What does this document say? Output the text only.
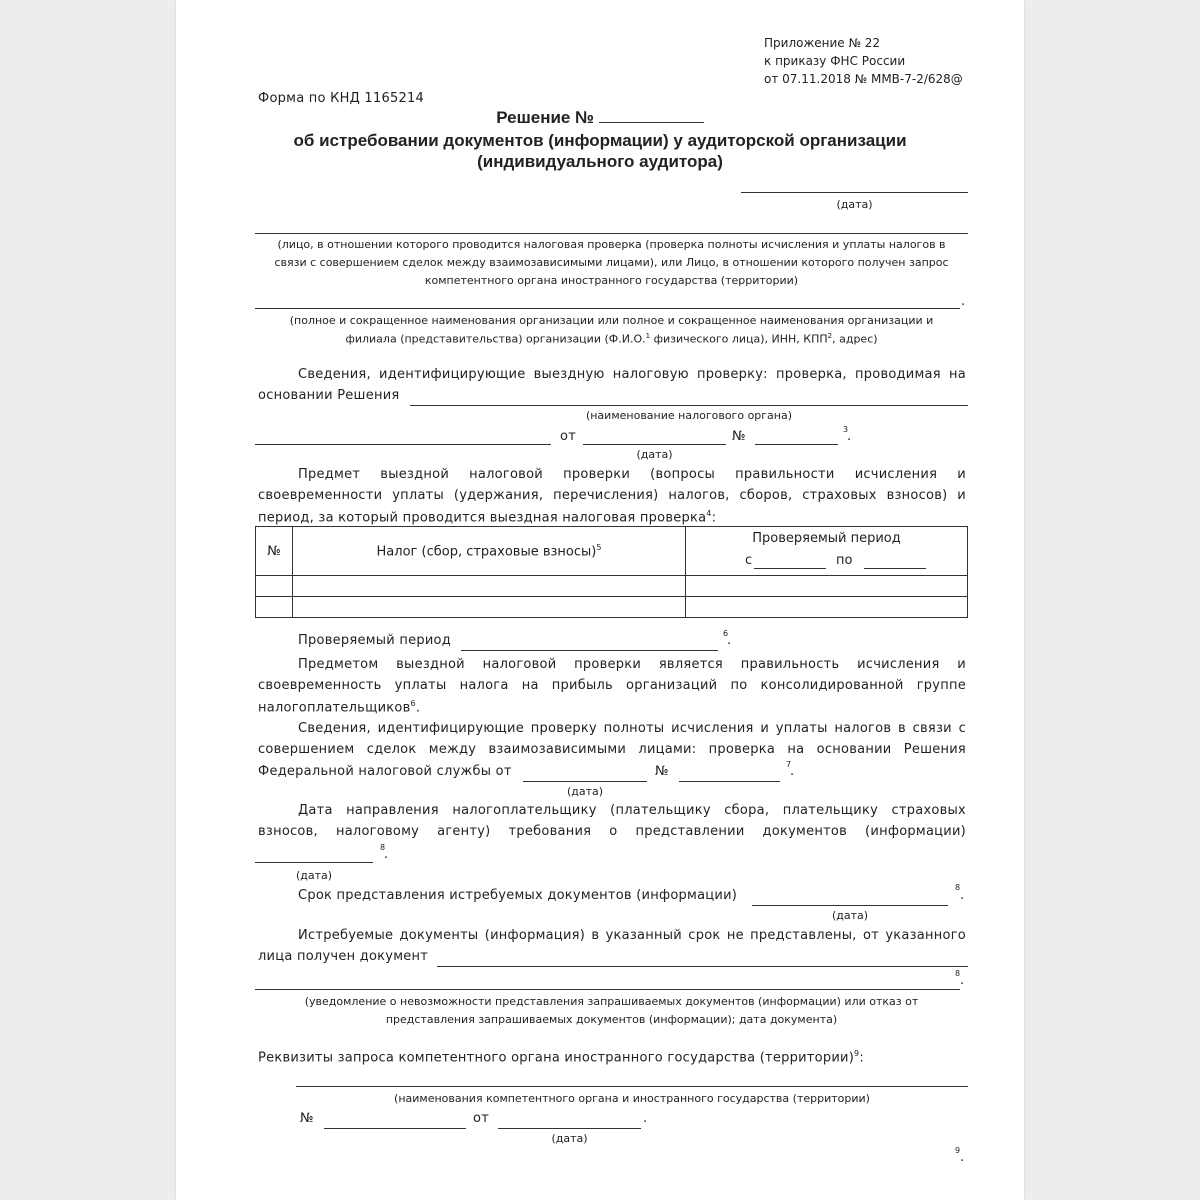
Приложение № 22
к приказу ФНС России
от 07.11.2018 № ММВ-7-2/628@
Форма по КНД 1165214
Решение №
об истребовании документов (информации) у аудиторской организации
(индивидуального аудитора)
(дата)
(лицо, в отношении которого проводится налоговая проверка (проверка полноты исчисления и уплаты налогов в
связи с совершением сделок между взаимозависимыми лицами), или Лицо, в отношении которого получен запрос
компетентного органа иностранного государства (территории)
.
(полное и сокращенное наименования организации или полное и сокращенное наименования организации и
филиала (представительства) организации (Ф.И.О.$^1$ физического лица), ИНН, КПП$^2$, адрес)
Сведения, идентифицирующие выездную налоговую проверку: проверка, проводимая на
основании Решения
(наименование налогового органа)
от
(дата)
№	3
.
Предмет выездной налоговой проверки (вопросы правильности исчисления и
своевременности уплаты (удержания, перечисления) налогов, сборов, страховых взносов) и
период, за который проводится выездная налоговая проверка$^4$:
№	Налог (сбор, страховые взносы)$^5$	Проверяемый период
с по

Проверяемый период	6
.
Предметом выездной налоговой проверки является правильность исчисления и
своевременность уплаты налога на прибыль организаций по консолидированной группе
налогоплательщиков$^6$.
Сведения, идентифицирующие проверку полноты исчисления и уплаты налогов в связи с
совершением сделок между взаимозависимыми лицами: проверка на основании Решения
Федеральной налоговой службы от
(дата)
№	7
.
Дата направления налогоплательщику (плательщику сбора, плательщику страховых
взносов, налоговому агенту) требования о представлении документов (информации)
8
.
(дата)
Срок представления истребуемых документов (информации)
8
.
(дата)
Истребуемые документы (информация) в указанный срок не представлены, от указанного
лица получен документ
8 .
(уведомление о невозможности представления запрашиваемых документов (информации) или отказ от
представления запрашиваемых документов (информации); дата документа)
Реквизиты запроса компетентного органа иностранного государства (территории)$^9$:
(наименования компетентного органа и иностранного государства (территории)
№	от	.
(дата)
9 .
